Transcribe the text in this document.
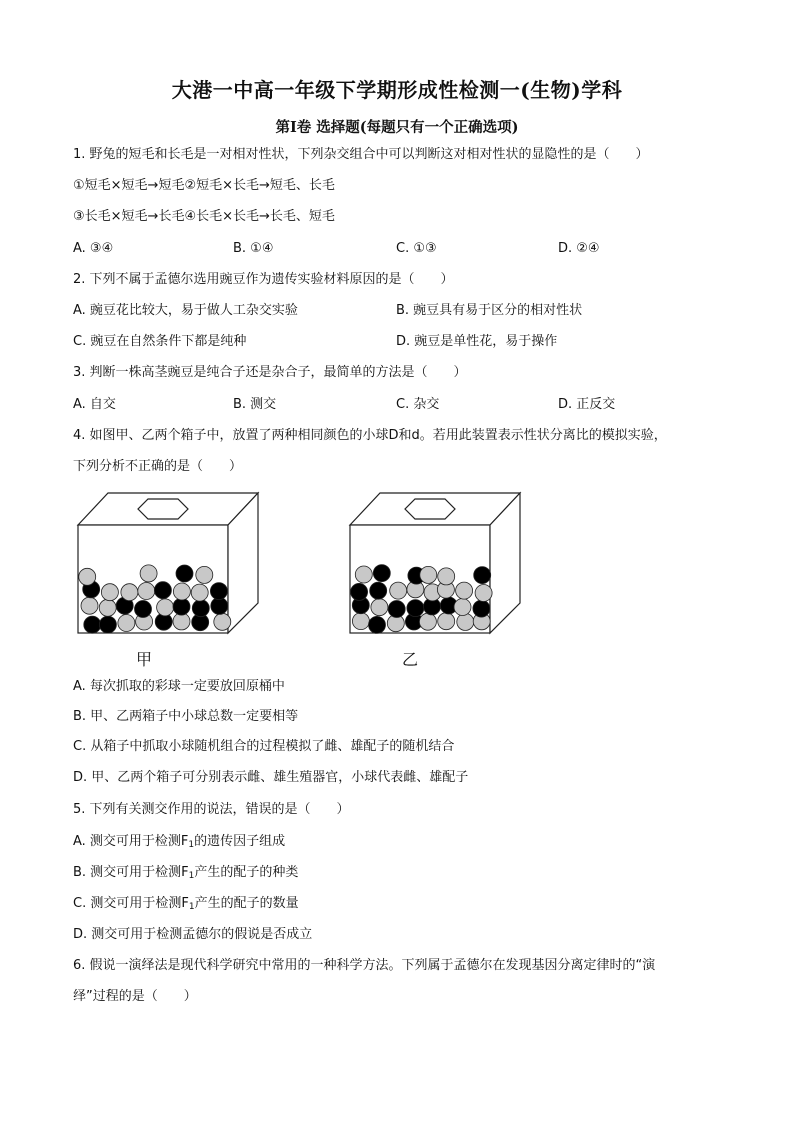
大港一中高一年级下学期形成性检测一(生物)学科
第Ⅰ卷 选择题(每题只有一个正确选项)
1. 野兔的短毛和长毛是一对相对性状，下列杂交组合中可以判断这对相对性状的显隐性的是（　　）
①短毛×短毛→短毛②短毛×长毛→短毛、长毛
③长毛×短毛→长毛④长毛×长毛→长毛、短毛
A. ③④	B. ①④	C. ①③	D. ②④
2. 下列不属于孟德尔选用豌豆作为遗传实验材料原因的是（　　）
A. 豌豆花比较大，易于做人工杂交实验	B. 豌豆具有易于区分的相对性状
C. 豌豆在自然条件下都是纯种	D. 豌豆是单性花，易于操作
3. 判断一株高茎豌豆是纯合子还是杂合子，最简单的方法是（　　）
A. 自交	B. 测交	C. 杂交	D. 正反交
4. 如图甲、乙两个箱子中，放置了两种相同颜色的小球D和d。若用此装置表示性状分离比的模拟实验，
下列分析不正确的是（　　）
甲	乙
A. 每次抓取的彩球一定要放回原桶中
B. 甲、乙两箱子中小球总数一定要相等
C. 从箱子中抓取小球随机组合的过程模拟了雌、雄配子的随机结合
D. 甲、乙两个箱子可分别表示雌、雄生殖器官，小球代表雌、雄配子
5. 下列有关测交作用的说法，错误的是（　　）
A. 测交可用于检测$F_1$的遗传因子组成
B. 测交可用于检测$F_1$产生的配子的种类
C. 测交可用于检测$F_1$产生的配子的数量
D. 测交可用于检测孟德尔的假说是否成立
6. 假说一演绎法是现代科学研究中常用的一种科学方法。下列属于孟德尔在发现基因分离定律时的“演
绎”过程的是（　　）
